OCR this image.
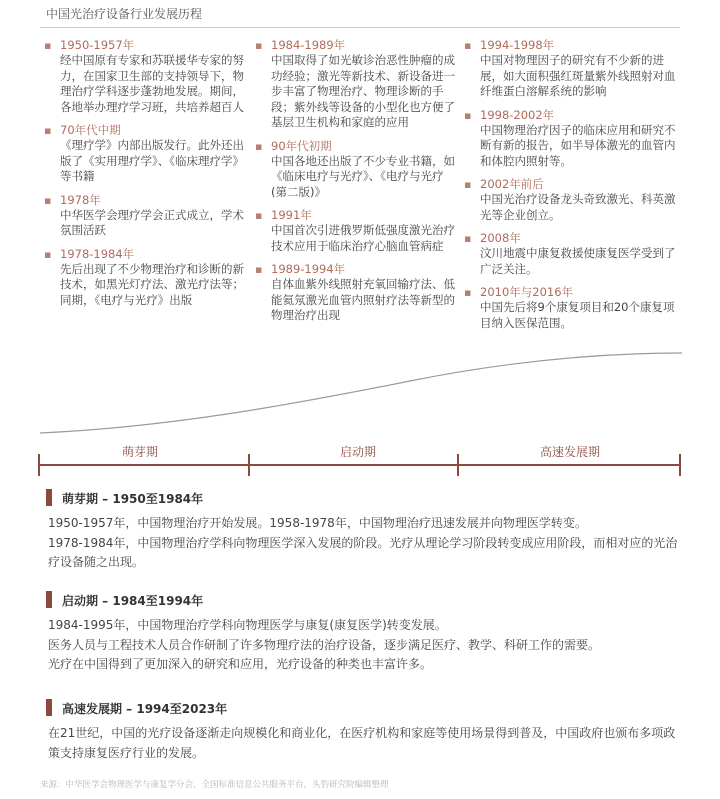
中国光治疗设备行业发展历程
▪ 1950-1957年
经中国原有专家和苏联援华专家的努力，在国家卫生部的支持领导下，物理治疗学科逐步蓬勃地发展。期间，各地举办理疗学习班，共培养超百人
▪ 70年代中期
《理疗学》内部出版发行。此外还出版了《实用理疗学》、《临床理疗学》等书籍
▪ 1978年
中华医学会理疗学会正式成立，学术氛围活跃
▪ 1978-1984年
先后出现了不少物理治疗和诊断的新技术，如黑光灯疗法、激光疗法等；同期，《电疗与光疗》出版
▪ 1984-1989年
中国取得了如光敏诊治恶性肿瘤的成功经验；激光等新技术、新设备进一步丰富了物理治疗、物理诊断的手段；紫外线等设备的小型化也方便了基层卫生机构和家庭的应用
▪ 90年代初期
中国各地还出版了不少专业书籍，如《临床电疗与光疗》、《电疗与光疗(第二版)》
▪ 1991年
中国首次引进俄罗斯低强度激光治疗技术应用于临床治疗心脑血管病症
▪ 1989-1994年
自体血紫外线照射充氧回输疗法、低能氦氖激光血管内照射疗法等新型的物理治疗出现
▪ 1994-1998年
中国对物理因子的研究有不少新的进展，如大面积强红斑量紫外线照射对血纤维蛋白溶解系统的影响
▪ 1998-2002年
中国物理治疗因子的临床应用和研究不断有新的报告，如半导体激光的血管内和体腔内照射等。
▪ 2002年前后
中国光治疗设备龙头奇致激光、科英激光等企业创立。
▪ 2008年
汶川地震中康复救援使康复医学受到了广泛关注。
▪ 2010年与2016年
中国先后将9个康复项目和20个康复项目纳入医保范围。
萌芽期	启动期	高速发展期
萌芽期 – 1950至1984年
1950-1957年，中国物理治疗开始发展。1958-1978年，中国物理治疗迅速发展并向物理医学转变。
1978-1984年，中国物理治疗学科向物理医学深入发展的阶段。光疗从理论学习阶段转变成应用阶段，而相对应的光治疗设备随之出现。
启动期 – 1984至1994年
1984-1995年，中国物理治疗学科向物理医学与康复(康复医学)转变发展。
医务人员与工程技术人员合作研制了许多物理疗法的治疗设备，逐步满足医疗、教学、科研工作的需要。
光疗在中国得到了更加深入的研究和应用，光疗设备的种类也丰富许多。
高速发展期 – 1994至2023年
在21世纪，中国的光疗设备逐渐走向规模化和商业化，在医疗机构和家庭等使用场景得到普及，中国政府也颁布多项政策支持康复医疗行业的发展。
来源：中华医学会物理医学与康复学分会，全国标准信息公共服务平台，头豹研究院编辑整理
